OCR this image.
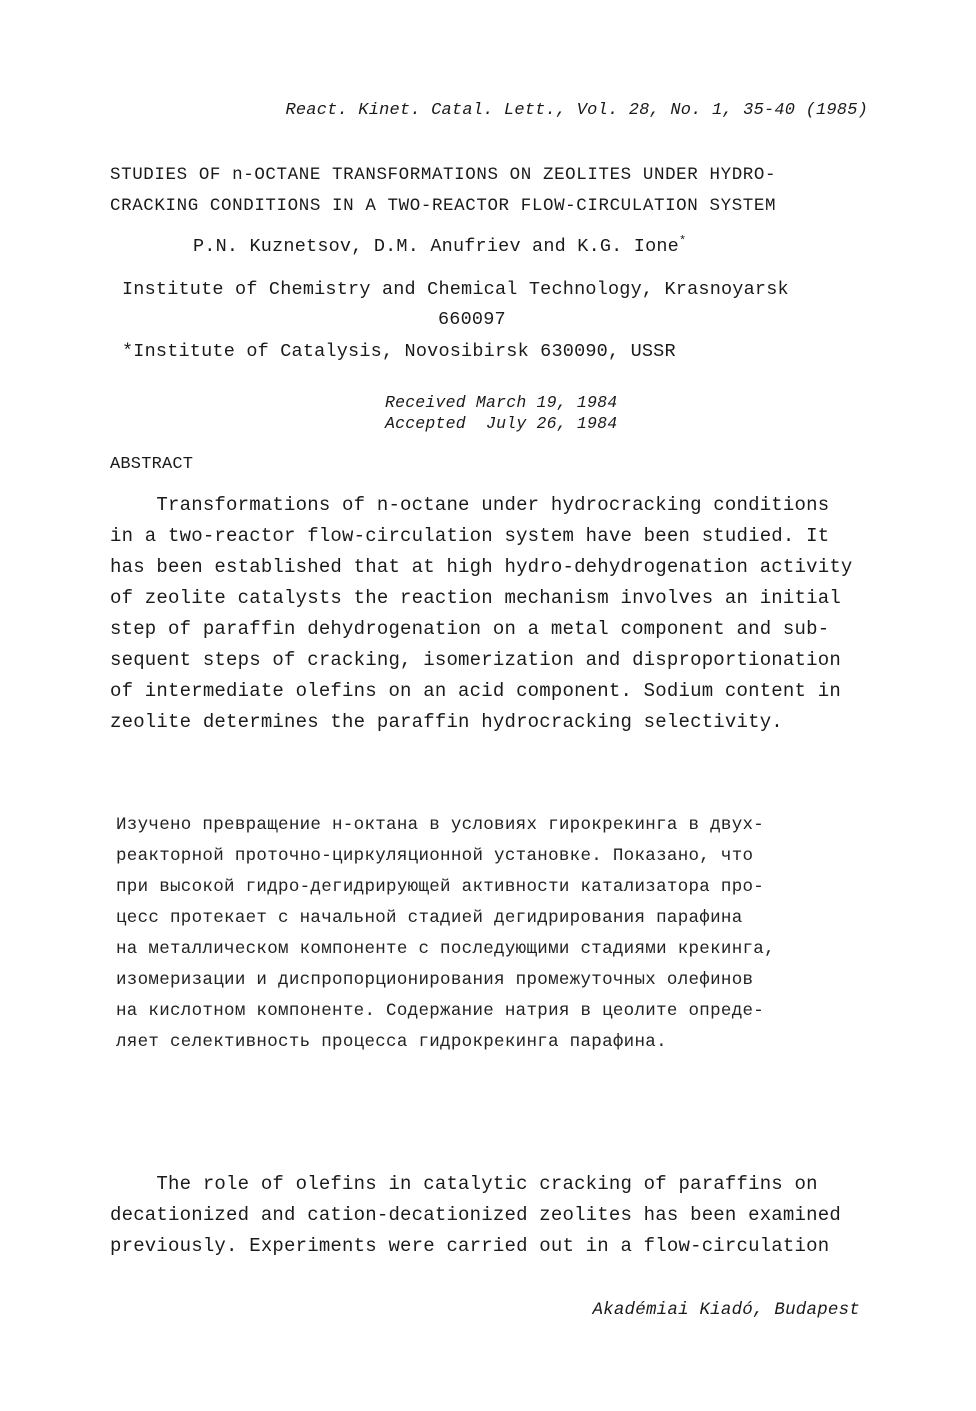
React. Kinet. Catal. Lett., Vol. 28, No. 1, 35-40 (1985)
STUDIES OF n-OCTANE TRANSFORMATIONS ON ZEOLITES UNDER HYDRO-
CRACKING CONDITIONS IN A TWO-REACTOR FLOW-CIRCULATION SYSTEM
P.N. Kuznetsov, D.M. Anufriev and K.G. Ione*
Institute of Chemistry and Chemical Technology, Krasnoyarsk
660097
*Institute of Catalysis, Novosibirsk 630090, USSR
Received March 19, 1984
Accepted  July 26, 1984
ABSTRACT
Transformations of n-octane under hydrocracking conditions
in a two-reactor flow-circulation system have been studied. It
has been established that at high hydro-dehydrogenation activity
of zeolite catalysts the reaction mechanism involves an initial
step of paraffin dehydrogenation on a metal component and sub-
sequent steps of cracking, isomerization and disproportionation
of intermediate olefins on an acid component. Sodium content in
zeolite determines the paraffin hydrocracking selectivity.
Изучено превращение н-октана в условиях гирокрекинга в двух-
реакторной проточно-циркуляционной установке. Показано, что
при высокой гидро-дегидрирующей активности катализатора про-
цесс протекает с начальной стадией дегидрирования парафина
на металлическом компоненте с последующими стадиями крекинга,
изомеризации и диспропорционирования промежуточных олефинов
на кислотном компоненте. Содержание натрия в цеолите опреде-
ляет селективность процесса гидрокрекинга парафина.
The role of olefins in catalytic cracking of paraffins on
decationized and cation-decationized zeolites has been examined
previously. Experiments were carried out in a flow-circulation
Akadémiai Kiadó, Budapest
